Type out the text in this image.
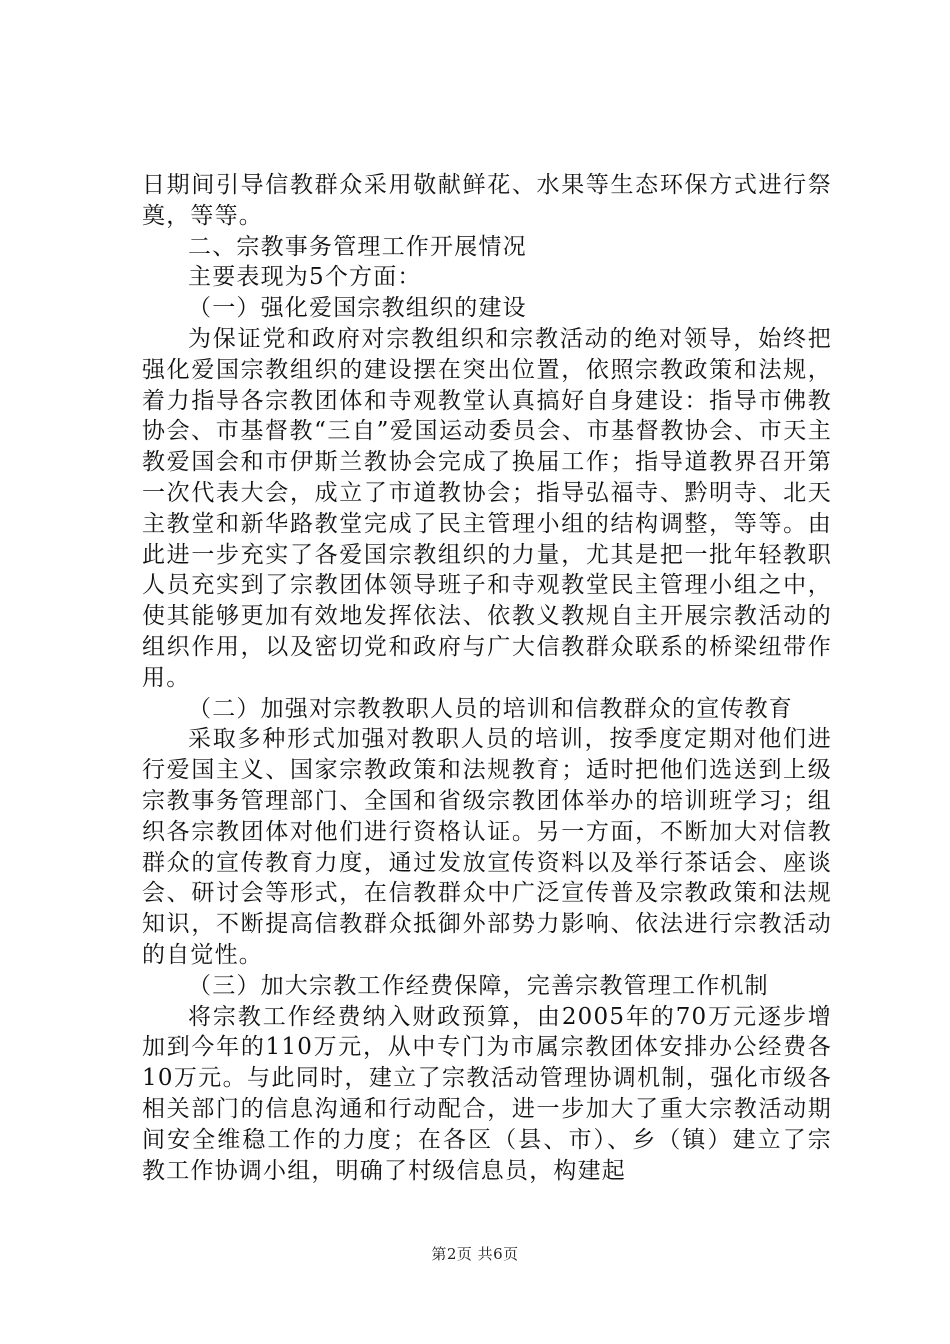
日期间引导信教群众采用敬献鲜花、水果等生态环保方式进行祭奠，等等。

二、宗教事务管理工作开展情况

主要表现为5个方面：

（一）强化爱国宗教组织的建设

为保证党和政府对宗教组织和宗教活动的绝对领导，始终把强化爱国宗教组织的建设摆在突出位置，依照宗教政策和法规，着力指导各宗教团体和寺观教堂认真搞好自身建设：指导市佛教协会、市基督教“三自”爱国运动委员会、市基督教协会、市天主教爱国会和市伊斯兰教协会完成了换届工作；指导道教界召开第一次代表大会，成立了市道教协会；指导弘福寺、黔明寺、北天主教堂和新华路教堂完成了民主管理小组的结构调整，等等。由此进一步充实了各爱国宗教组织的力量，尤其是把一批年轻教职人员充实到了宗教团体领导班子和寺观教堂民主管理小组之中，使其能够更加有效地发挥依法、依教义教规自主开展宗教活动的组织作用，以及密切党和政府与广大信教群众联系的桥梁纽带作用。

（二）加强对宗教教职人员的培训和信教群众的宣传教育

采取多种形式加强对教职人员的培训，按季度定期对他们进行爱国主义、国家宗教政策和法规教育；适时把他们选送到上级宗教事务管理部门、全国和省级宗教团体举办的培训班学习；组织各宗教团体对他们进行资格认证。另一方面，不断加大对信教群众的宣传教育力度，通过发放宣传资料以及举行茶话会、座谈会、研讨会等形式，在信教群众中广泛宣传普及宗教政策和法规知识，不断提高信教群众抵御外部势力影响、依法进行宗教活动的自觉性。

（三）加大宗教工作经费保障，完善宗教管理工作机制

将宗教工作经费纳入财政预算，由2005年的70万元逐步增加到今年的110万元，从中专门为市属宗教团体安排办公经费各10万元。与此同时，建立了宗教活动管理协调机制，强化市级各相关部门的信息沟通和行动配合，进一步加大了重大宗教活动期间安全维稳工作的力度；在各区（县、市）、乡（镇）建立了宗教工作协调小组，明确了村级信息员，构建起

第2页 共6页
